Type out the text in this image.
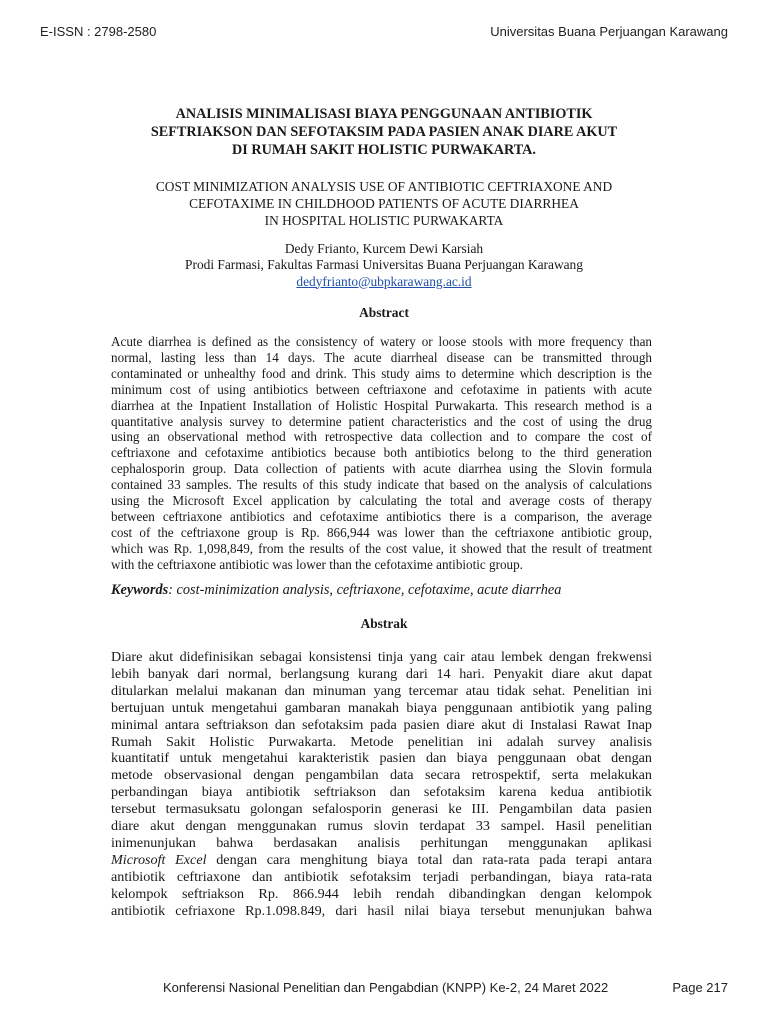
E-ISSN : 2798-2580	Universitas Buana Perjuangan Karawang
ANALISIS MINIMALISASI BIAYA PENGGUNAAN ANTIBIOTIK
SEFTRIAKSON DAN SEFOTAKSIM PADA PASIEN ANAK DIARE AKUT
DI RUMAH SAKIT HOLISTIC PURWAKARTA.
COST MINIMIZATION ANALYSIS USE OF ANTIBIOTIC CEFTRIAXONE AND
CEFOTAXIME IN CHILDHOOD PATIENTS OF ACUTE DIARRHEA
IN HOSPITAL HOLISTIC PURWAKARTA
Dedy Frianto, Kurcem Dewi Karsiah
Prodi Farmasi, Fakultas Farmasi Universitas Buana Perjuangan Karawang
dedyfrianto@ubpkarawang.ac.id
Abstract
Acute diarrhea is defined as the consistency of watery or loose stools with more frequency than
normal, lasting less than 14 days. The acute diarrheal disease can be transmitted through
contaminated or unhealthy food and drink. This study aims to determine which description is the
minimum cost of using antibiotics between ceftriaxone and cefotaxime in patients with acute
diarrhea at the Inpatient Installation of Holistic Hospital Purwakarta. This research method is a
quantitative analysis survey to determine patient characteristics and the cost of using the drug
using an observational method with retrospective data collection and to compare the cost of
ceftriaxone and cefotaxime antibiotics because both antibiotics belong to the third generation
cephalosporin group. Data collection of patients with acute diarrhea using the Slovin formula
contained 33 samples. The results of this study indicate that based on the analysis of calculations
using the Microsoft Excel application by calculating the total and average costs of therapy
between ceftriaxone antibiotics and cefotaxime antibiotics there is a comparison, the average
cost of the ceftriaxone group is Rp. 866,944 was lower than the ceftriaxone antibiotic group,
which was Rp. 1,098,849, from the results of the cost value, it showed that the result of treatment
with the ceftriaxone antibiotic was lower than the cefotaxime antibiotic group.
Keywords: cost-minimization analysis, ceftriaxone, cefotaxime, acute diarrhea
Abstrak
Diare akut didefinisikan sebagai konsistensi tinja yang cair atau lembek dengan frekwensi
lebih banyak dari normal, berlangsung kurang dari 14 hari. Penyakit diare akut dapat
ditularkan melalui makanan dan minuman yang tercemar atau tidak sehat. Penelitian ini
bertujuan untuk mengetahui gambaran manakah biaya penggunaan antibiotik yang paling
minimal antara seftriakson dan sefotaksim pada pasien diare akut di Instalasi Rawat Inap
Rumah Sakit Holistic Purwakarta. Metode penelitian ini adalah survey analisis
kuantitatif untuk mengetahui karakteristik pasien dan biaya penggunaan obat dengan
metode observasional dengan pengambilan data secara retrospektif, serta melakukan
perbandingan biaya antibiotik seftriakson dan sefotaksim karena kedua antibiotik
tersebut termasuksatu golongan sefalosporin generasi ke III. Pengambilan data pasien
diare akut dengan menggunakan rumus slovin terdapat 33 sampel. Hasil penelitian
inimenunjukan bahwa berdasakan analisis perhitungan menggunakan aplikasi
Microsoft Excel dengan cara menghitung biaya total dan rata-rata pada terapi antara
antibiotik ceftriaxone dan antibiotik sefotaksim terjadi perbandingan, biaya rata-rata
kelompok seftriakson Rp. 866.944 lebih rendah dibandingkan dengan kelompok
antibiotik cefriaxone Rp.1.098.849, dari hasil nilai biaya tersebut menunjukan bahwa
Konferensi Nasional Penelitian dan Pengabdian (KNPP) Ke-2, 24 Maret 2022	Page 217
